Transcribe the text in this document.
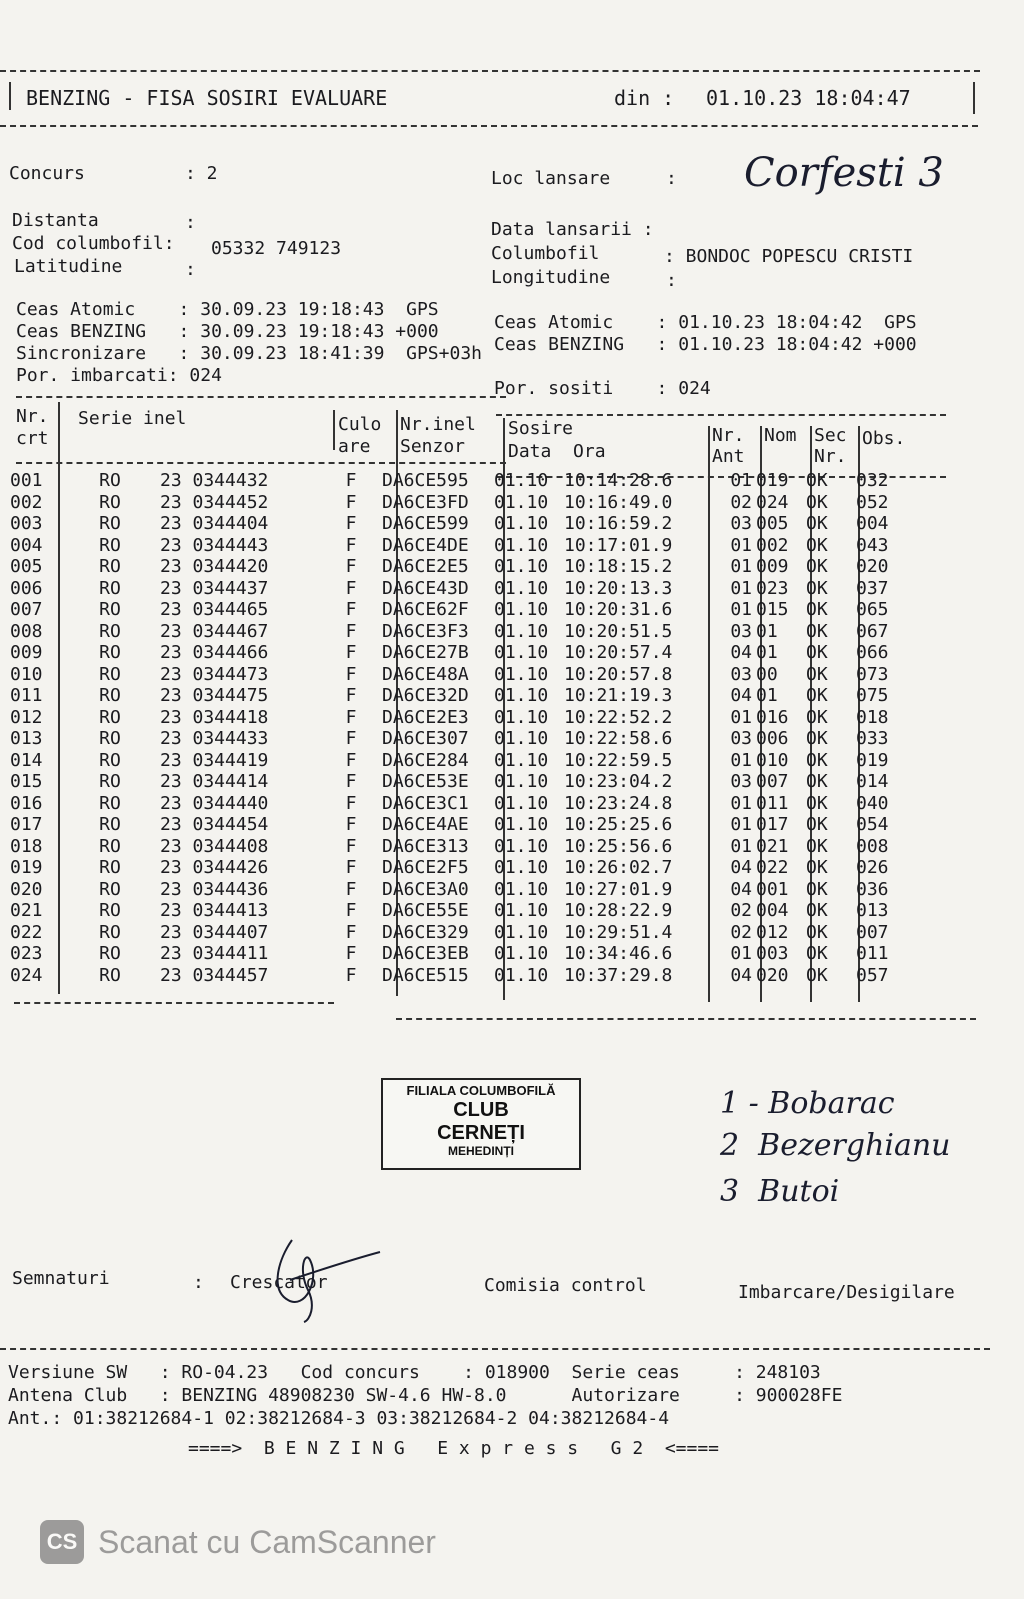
BENZING - FISA SOSIRI EVALUARE	din : 01.10.23 18:04:47
Concurs	: 2	Loc lansare	: Corfesti 3
Distanta	:
Cod columbofil: 05332 749123
Latitudine	:
Data lansarii :
Columbofil	: BONDOC POPESCU CRISTI
Longitudine	:
Ceas Atomic    : 30.09.23 19:18:43  GPS
Ceas BENZING   : 30.09.23 19:18:43 +000
Sincronizare   : 30.09.23 18:41:39  GPS+03h
Por. imbarcati: 024
Ceas Atomic    : 01.10.23 18:04:42  GPS
Ceas BENZING   : 01.10.23 18:04:42 +000
Por. sositi    : 024
Nr.
crt
Serie inel	Culo
are
Nr.inel
Senzor
Sosire
Data  Ora
Nr.
Ant
Nom Sec
Nr.
Obs.
001	RO	23 0344432	F	DA6CE595	01.10	10:14:28.6	01	019	OK	032
002	RO	23 0344452	F	DA6CE3FD	01.10	10:16:49.0	02	024	OK	052
003	RO	23 0344404	F	DA6CE599	01.10	10:16:59.2	03	005	OK	004
004	RO	23 0344443	F	DA6CE4DE	01.10	10:17:01.9	01	002	OK	043
005	RO	23 0344420	F	DA6CE2E5	01.10	10:18:15.2	01	009	OK	020
006	RO	23 0344437	F	DA6CE43D	01.10	10:20:13.3	01	023	OK	037
007	RO	23 0344465	F	DA6CE62F	01.10	10:20:31.6	01	015	OK	065
008	RO	23 0344467	F	DA6CE3F3	01.10	10:20:51.5	03	01	OK	067
009	RO	23 0344466	F	DA6CE27B	01.10	10:20:57.4	04	01	OK	066
010	RO	23 0344473	F	DA6CE48A	01.10	10:20:57.8	03	00	OK	073
011	RO	23 0344475	F	DA6CE32D	01.10	10:21:19.3	04	01	OK	075
012	RO	23 0344418	F	DA6CE2E3	01.10	10:22:52.2	01	016	OK	018
013	RO	23 0344433	F	DA6CE307	01.10	10:22:58.6	03	006	OK	033
014	RO	23 0344419	F	DA6CE284	01.10	10:22:59.5	01	010	OK	019
015	RO	23 0344414	F	DA6CE53E	01.10	10:23:04.2	03	007	OK	014
016	RO	23 0344440	F	DA6CE3C1	01.10	10:23:24.8	01	011	OK	040
017	RO	23 0344454	F	DA6CE4AE	01.10	10:25:25.6	01	017	OK	054
018	RO	23 0344408	F	DA6CE313	01.10	10:25:56.6	01	021	OK	008
019	RO	23 0344426	F	DA6CE2F5	01.10	10:26:02.7	04	022	OK	026
020	RO	23 0344436	F	DA6CE3A0	01.10	10:27:01.9	04	001	OK	036
021	RO	23 0344413	F	DA6CE55E	01.10	10:28:22.9	02	004	OK	013
022	RO	23 0344407	F	DA6CE329	01.10	10:29:51.4	02	012	OK	007
023	RO	23 0344411	F	DA6CE3EB	01.10	10:34:46.6	01	003	OK	011
024	RO	23 0344457	F	DA6CE515	01.10	10:37:29.8	04	020	OK	057
FILIALA COLUMBOFILĂ
CLUB
CERNEȚI
MEHEDINȚI
1 - Bobarac
2  Bezerghianu
3  Butoi
Semnaturi	: Crescator	Comisia control	Imbarcare/Desigilare
Versiune SW   : RO-04.23   Cod concurs    : 018900  Serie ceas     : 248103
Antena Club   : BENZING 48908230 SW-4.6 HW-8.0      Autorizare     : 900028FE
Ant.: 01:38212684-1 02:38212684-3 03:38212684-2 04:38212684-4
====>  B E N Z I N G   E x p r e s s   G 2  <====
CS Scanat cu CamScanner
